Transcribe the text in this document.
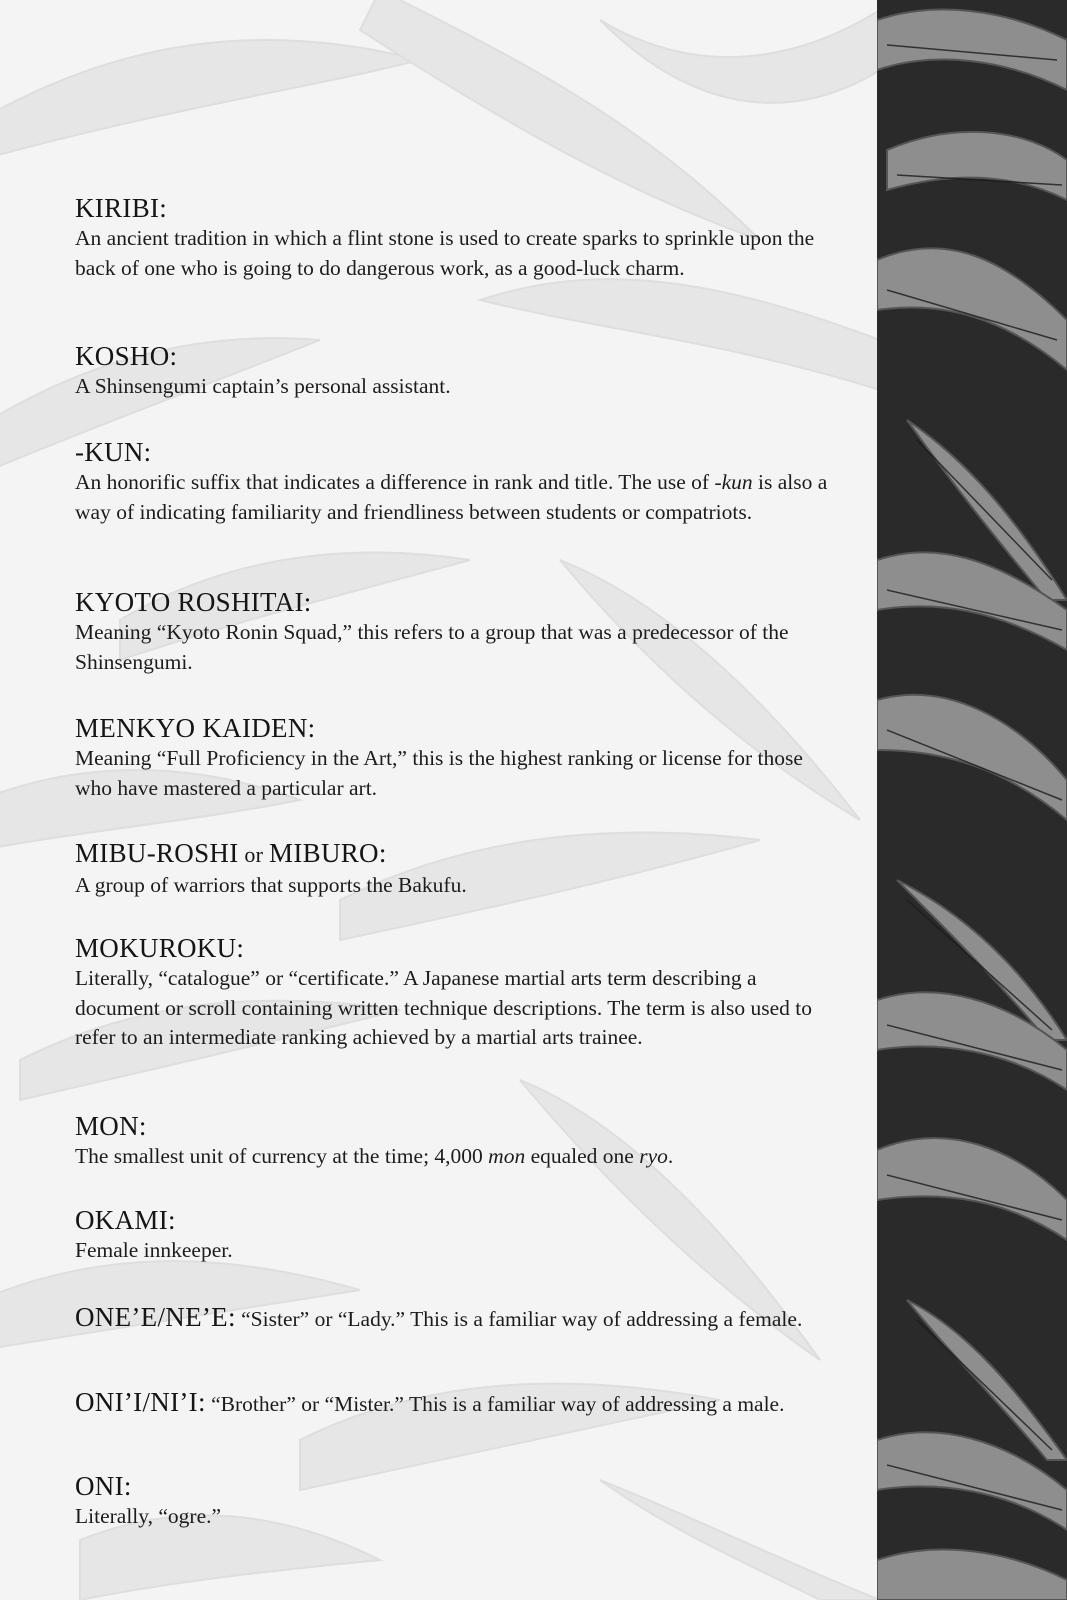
KIRIBI:
An ancient tradition in which a flint stone is used to create sparks to sprinkle upon the back of one who is going to do dangerous work, as a good-luck charm.
KOSHO:
A Shinsengumi captain’s personal assistant.
-KUN:
An honorific suffix that indicates a difference in rank and title. The use of -kun is also a way of indicating familiarity and friendliness between students or compatriots.
KYOTO ROSHITAI:
Meaning “Kyoto Ronin Squad,” this refers to a group that was a predecessor of the Shinsengumi.
MENKYO KAIDEN:
Meaning “Full Proficiency in the Art,” this is the highest ranking or license for those who have mastered a particular art.
MIBU-ROSHI or MIBURO:
A group of warriors that supports the Bakufu.
MOKUROKU:
Literally, “catalogue” or “certificate.” A Japanese martial arts term describing a document or scroll containing written technique descriptions. The term is also used to refer to an intermediate ranking achieved by a martial arts trainee.
MON:
The smallest unit of currency at the time; 4,000 mon equaled one ryo.
OKAMI:
Female innkeeper.
ONE’E/NE’E: “Sister” or “Lady.” This is a familiar way of addressing a female.
ONI’I/NI’I: “Brother” or “Mister.” This is a familiar way of addressing a male.
ONI:
Literally, “ogre.”
